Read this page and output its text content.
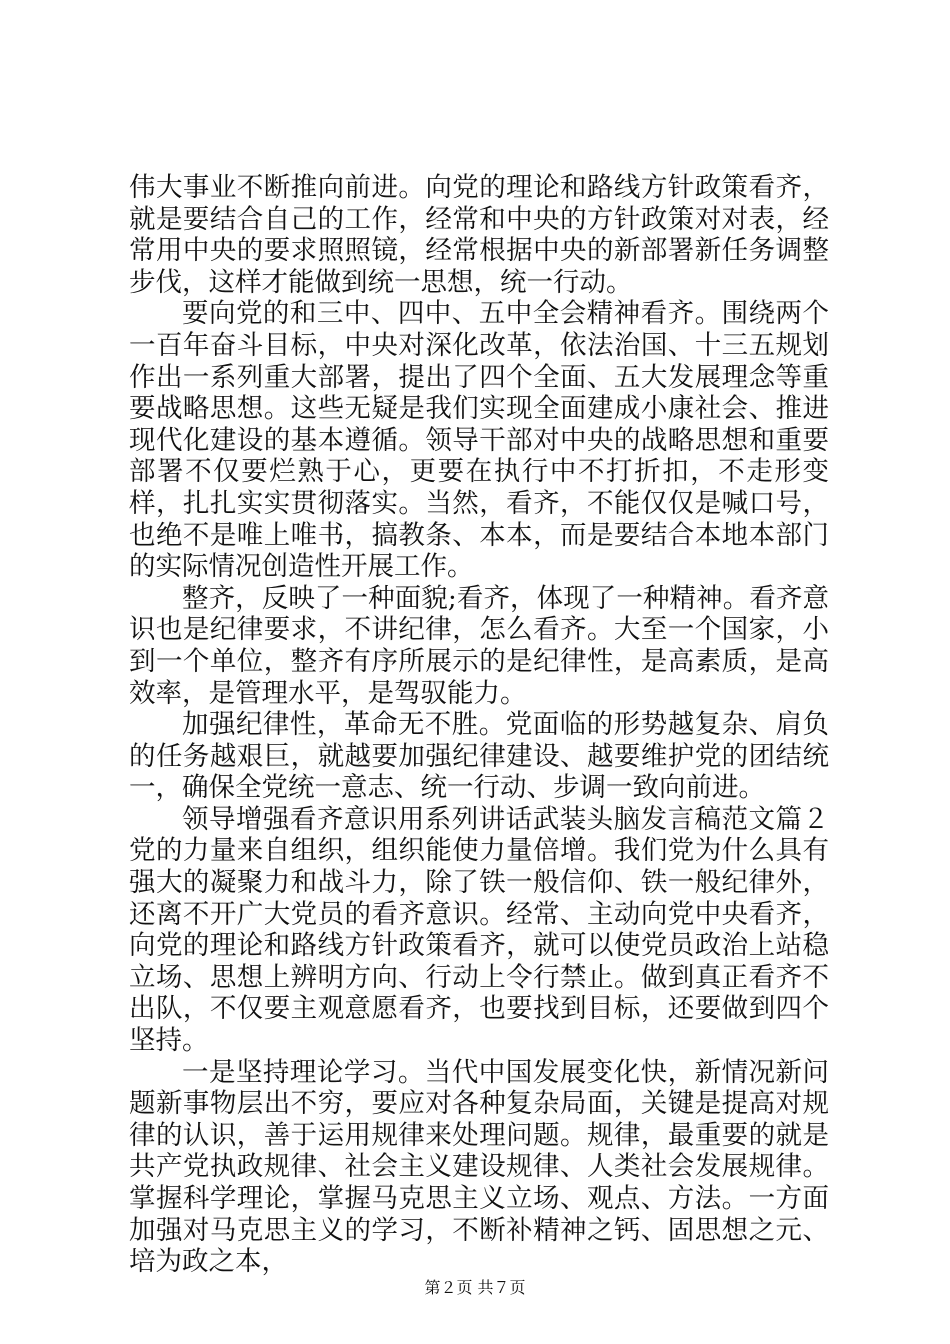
伟大事业不断推向前进。向党的理论和路线方针政策看齐，就是要结合自己的工作，经常和中央的方针政策对对表，经常用中央的要求照照镜，经常根据中央的新部署新任务调整步伐，这样才能做到统一思想，统一行动。

要向党的和三中、四中、五中全会精神看齐。围绕两个一百年奋斗目标，中央对深化改革，依法治国、十三五规划作出一系列重大部署，提出了四个全面、五大发展理念等重要战略思想。这些无疑是我们实现全面建成小康社会、推进现代化建设的基本遵循。领导干部对中央的战略思想和重要部署不仅要烂熟于心，更要在执行中不打折扣，不走形变样，扎扎实实贯彻落实。当然，看齐，不能仅仅是喊口号，也绝不是唯上唯书，搞教条、本本，而是要结合本地本部门的实际情况创造性开展工作。

整齐，反映了一种面貌;看齐，体现了一种精神。看齐意识也是纪律要求，不讲纪律，怎么看齐。大至一个国家，小到一个单位，整齐有序所展示的是纪律性，是高素质，是高效率，是管理水平，是驾驭能力。

加强纪律性，革命无不胜。党面临的形势越复杂、肩负的任务越艰巨，就越要加强纪律建设、越要维护党的团结统一，确保全党统一意志、统一行动、步调一致向前进。

领导增强看齐意识用系列讲话武装头脑发言稿范文篇２党的力量来自组织，组织能使力量倍增。我们党为什么具有强大的凝聚力和战斗力，除了铁一般信仰、铁一般纪律外，还离不开广大党员的看齐意识。经常、主动向党中央看齐，向党的理论和路线方针政策看齐，就可以使党员政治上站稳立场、思想上辨明方向、行动上令行禁止。做到真正看齐不出队，不仅要主观意愿看齐，也要找到目标，还要做到四个坚持。

一是坚持理论学习。当代中国发展变化快，新情况新问题新事物层出不穷，要应对各种复杂局面，关键是提高对规律的认识，善于运用规律来处理问题。规律，最重要的就是共产党执政规律、社会主义建设规律、人类社会发展规律。掌握科学理论，掌握马克思主义立场、观点、方法。一方面加强对马克思主义的学习，不断补精神之钙、固思想之元、培为政之本，

第２页 共７页
